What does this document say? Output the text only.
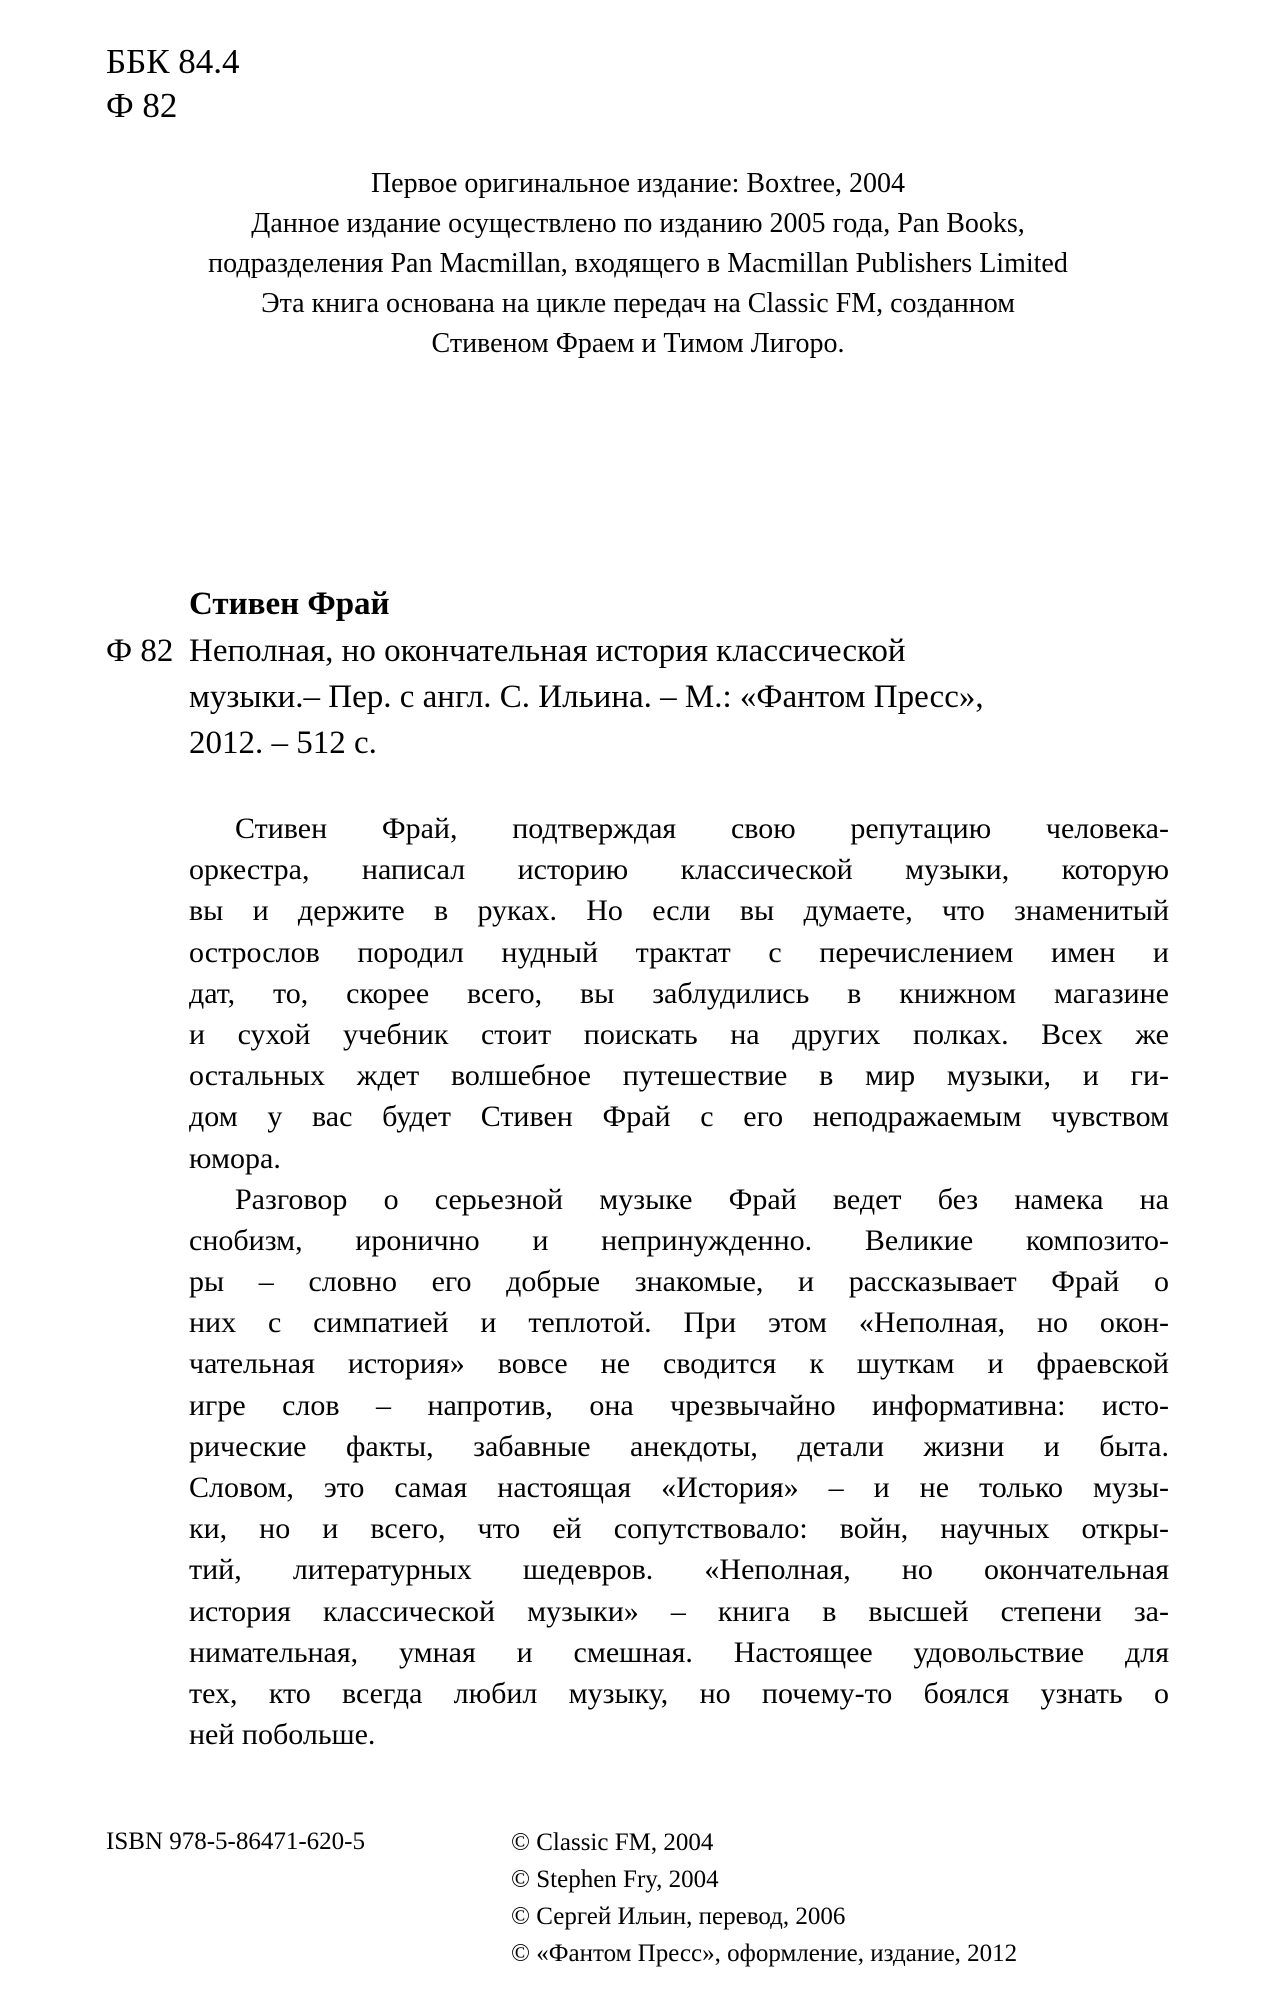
ББК 84.4
Ф 82
Первое оригинальное издание: Boxtree, 2004
Данное издание осуществлено по изданию 2005 года, Pan Books,
подразделения Pan Macmillan, входящего в Macmillan Publishers Limited
Эта книга основана на цикле передач на Classic FM, созданном
Стивеном Фраем и Тимом Лигоро.
Стивен Фрай
Ф 82 Неполная, но окончательная история классической
музыки.– Пер. с англ. С. Ильина. – М.: «Фантом Пресс»,
2012. – 512 с.
Стивен Фрай, подтверждая свою репутацию человека-
оркестра, написал историю классической музыки, которую
вы и держите в руках. Но если вы думаете, что знаменитый
острослов породил нудный трактат с перечислением имен и
дат, то, скорее всего, вы заблудились в книжном магазине
и сухой учебник стоит поискать на других полках. Всех же
остальных ждет волшебное путешествие в мир музыки, и ги-
дом у вас будет Стивен Фрай с его неподражаемым чувством
юмора.
Разговор о серьезной музыке Фрай ведет без намека на
снобизм, иронично и непринужденно. Великие композито-
ры – словно его добрые знакомые, и рассказывает Фрай о
них с симпатией и теплотой. При этом «Неполная, но окон-
чательная история» вовсе не сводится к шуткам и фраевской
игре слов – напротив, она чрезвычайно информативна: исто-
рические факты, забавные анекдоты, детали жизни и быта.
Словом, это самая настоящая «История» – и не только музы-
ки, но и всего, что ей сопутствовало: войн, научных откры-
тий, литературных шедевров. «Неполная, но окончательная
история классической музыки» – книга в высшей степени за-
нимательная, умная и смешная. Настоящее удовольствие для
тех, кто всегда любил музыку, но почему-то боялся узнать о
ней побольше.
ISBN 978-5-86471-620-5	© Classic FM, 2004
© Stephen Fry, 2004
© Сергей Ильин, перевод, 2006
© «Фантом Пресс», оформление, издание, 2012
